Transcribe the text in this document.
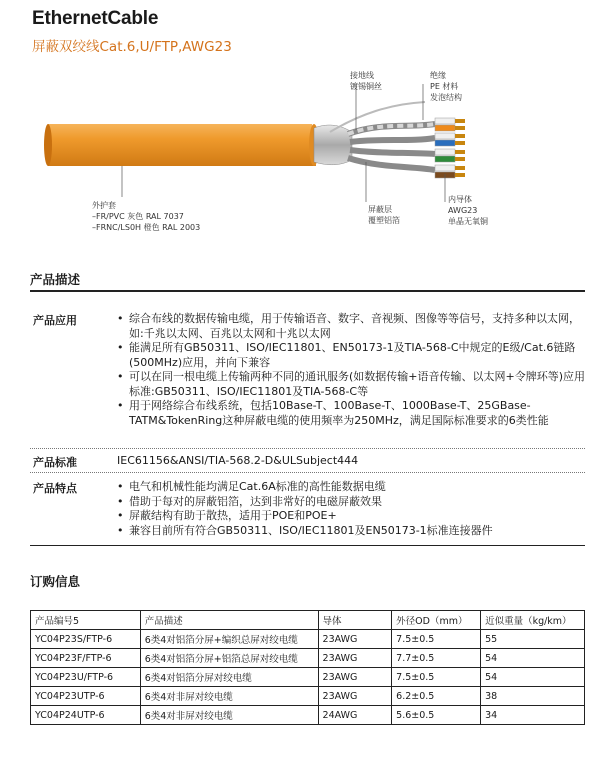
EthernetCable
屏蔽双绞线Cat.6,U/FTP,AWG23
接地线
镀锡铜丝
绝缘
PE 材料
发泡结构
外护套
–FR/PVC 灰色 RAL 7037
–FRNC/LS0H 橙色 RAL 2003
屏蔽层
覆塑铝箔
内导体
AWG23
单晶无氧铜
产品描述
产品应用	• 综合布线的数据传输电缆，用于传输语音、数字、音视频、图像等等信号，支持多种以太网，如:千兆以太网、百兆以太网和十兆以太网
• 能满足所有GB50311、ISO/IEC11801、EN50173-1及TIA-568-C中规定的E级/Cat.6链路(500MHz)应用，并向下兼容
• 可以在同一根电缆上传输两种不同的通讯服务(如数据传输+语音传输、以太网+令牌环等)应用标准:GB50311、ISO/IEC11801及TIA-568-C等
• 用于网络综合布线系统，包括10Base-T、100Base-T、1000Base-T、25GBase-TATM&TokenRing这种屏蔽电缆的使用频率为250MHz，满足国际标准要求的6类性能
产品标准	IEC61156&ANSI/TIA-568.2-D&ULSubject444
产品特点	• 电气和机械性能均满足Cat.6A标准的高性能数据电缆
• 借助于每对的屏蔽铝箔，达到非常好的电磁屏蔽效果
• 屏蔽结构有助于散热，适用于POE和POE+
• 兼容目前所有符合GB50311、ISO/IEC11801及EN50173-1标准连接器件
订购信息
产品编号5	产品描述	导体	外径OD（mm）	近似重量（kg/km）
YC04P23S/FTP-6	6类4对铝箔分屏+编织总屏对绞电缆	23AWG	7.5±0.5	55
YC04P23F/FTP-6	6类4对铝箔分屏+铝箔总屏对绞电缆	23AWG	7.7±0.5	54
YC04P23U/FTP-6	6类4对铝箔分屏对绞电缆	23AWG	7.5±0.5	54
YC04P23UTP-6	6类4对非屏对绞电缆	23AWG	6.2±0.5	38
YC04P24UTP-6	6类4对非屏对绞电缆	24AWG	5.6±0.5	34
